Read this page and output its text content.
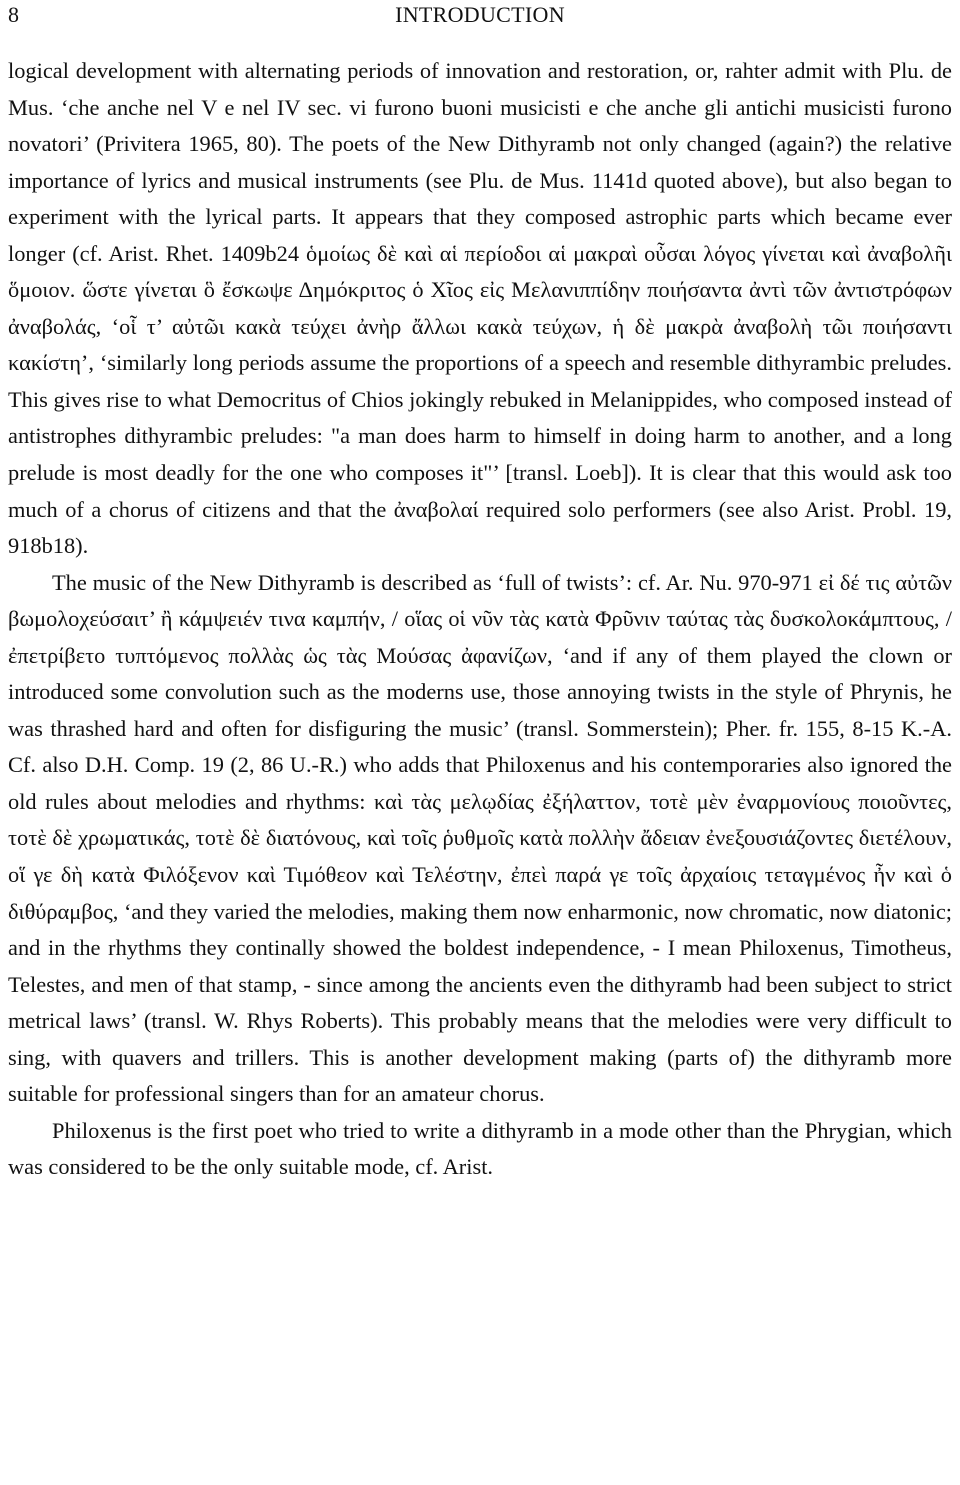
8	INTRODUCTION

logical development with alternating periods of innovation and restoration, or, rahter admit with Plu. de Mus. ‘che anche nel V e nel IV sec. vi furono buoni musicisti e che anche gli antichi musicisti furono novatori’ (Privitera 1965, 80). The poets of the New Dithyramb not only changed (again?) the relative importance of lyrics and musical instruments (see Plu. de Mus. 1141d quoted above), but also began to experiment with the lyrical parts. It appears that they composed astrophic parts which became ever longer (cf. Arist. Rhet. 1409b24 ὁμοίως δὲ καὶ αἱ περίοδοι αἱ μακραὶ οὖσαι λόγος γίνεται καὶ ἀναβολῆι ὅμοιον. ὥστε γίνεται ὃ ἔσκωψε Δημόκριτος ὁ Χῖος εἰς Μελανιππίδην ποιήσαντα ἀντὶ τῶν ἀντιστρόφων ἀναβολάς, ‘οἷ τ’ αὐτῶι κακὰ τεύχει ἀνὴρ ἄλλωι κακὰ τεύχων, ἡ δὲ μακρὰ ἀναβολὴ τῶι ποιήσαντι κακίστη’, ‘similarly long periods assume the proportions of a speech and resemble dithyrambic preludes. This gives rise to what Democritus of Chios jokingly rebuked in Melanippides, who composed instead of antistrophes dithyrambic preludes: "a man does harm to himself in doing harm to another, and a long prelude is most deadly for the one who composes it"’ [transl. Loeb]). It is clear that this would ask too much of a chorus of citizens and that the ἀναβολαί required solo performers (see also Arist. Probl. 19, 918b18).

The music of the New Dithyramb is described as ‘full of twists’: cf. Ar. Nu. 970-971 εἰ δέ τις αὐτῶν βωμολοχεύσαιτ’ ἢ κάμψειέν τινα καμπήν, / οἵας οἱ νῦν τὰς κατὰ Φρῦνιν ταύτας τὰς δυσκολοκάμπτους, / ἐπετρίβετο τυπτόμενος πολλὰς ὡς τὰς Μούσας ἀφανίζων, ‘and if any of them played the clown or introduced some convolution such as the moderns use, those annoying twists in the style of Phrynis, he was thrashed hard and often for disfiguring the music’ (transl. Sommerstein); Pher. fr. 155, 8-15 K.-A. Cf. also D.H. Comp. 19 (2, 86 U.-R.) who adds that Philoxenus and his contemporaries also ignored the old rules about melodies and rhythms: καὶ τὰς μελῳδίας ἐξήλαττον, τοτὲ μὲν ἐναρμονίους ποιοῦντες, τοτὲ δὲ χρωματικάς, τοτὲ δὲ διατόνους, καὶ τοῖς ῥυθμοῖς κατὰ πολλὴν ἄδειαν ἐνεξουσιάζοντες διετέλουν, οἵ γε δὴ κατὰ Φιλόξενον καὶ Τιμόθεον καὶ Τελέστην, ἐπεὶ παρά γε τοῖς ἀρχαίοις τεταγμένος ἦν καὶ ὁ διθύραμβος, ‘and they varied the melodies, making them now enharmonic, now chromatic, now diatonic; and in the rhythms they continally showed the boldest independence, - I mean Philoxenus, Timotheus, Telestes, and men of that stamp, - since among the ancients even the dithyramb had been subject to strict metrical laws’ (transl. W. Rhys Roberts). This probably means that the melodies were very difficult to sing, with quavers and trillers. This is another development making (parts of) the dithyramb more suitable for professional singers than for an amateur chorus.

Philoxenus is the first poet who tried to write a dithyramb in a mode other than the Phrygian, which was considered to be the only suitable mode, cf. Arist.
